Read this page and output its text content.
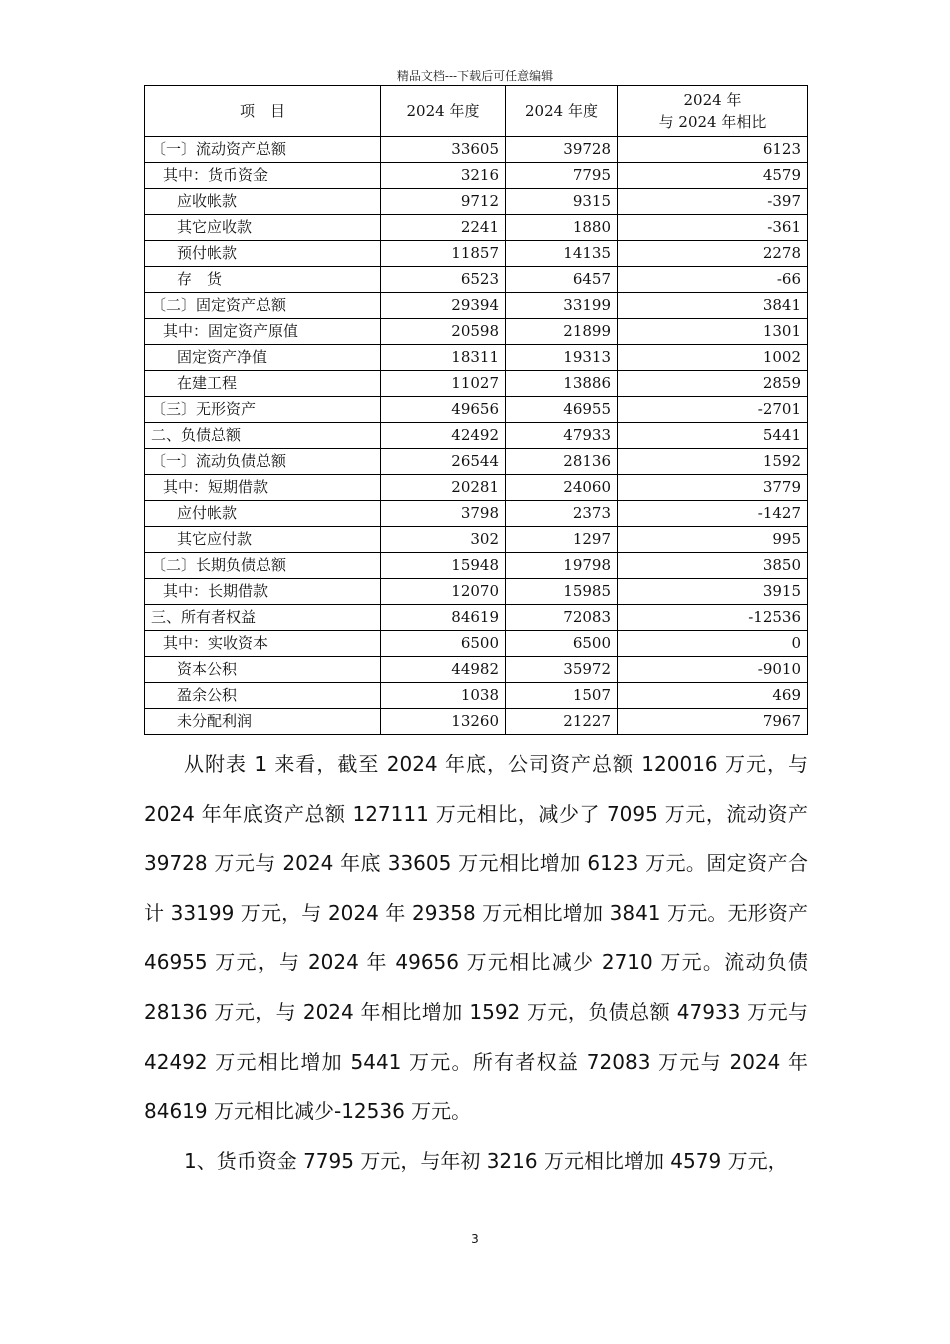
精品文档---下载后可任意编辑
项　目	2024 年度	2024 年度	2024 年
与 2024 年相比

〔一〕流动资产总额	33605	39728	6123
其中：货币资金	3216	7795	4579
应收帐款	9712	9315	-397
其它应收款	2241	1880	-361
预付帐款	11857	14135	2278
存　货	6523	6457	-66
〔二〕固定资产总额	29394	33199	3841
其中：固定资产原值	20598	21899	1301
固定资产净值	18311	19313	1002
在建工程	11027	13886	2859
〔三〕无形资产	49656	46955	-2701
二、负债总额	42492	47933	5441
〔一〕流动负债总额	26544	28136	1592
其中：短期借款	20281	24060	3779
应付帐款	3798	2373	-1427
其它应付款	302	1297	995
〔二〕长期负债总额	15948	19798	3850
其中：长期借款	12070	15985	3915
三、所有者权益	84619	72083	-12536
其中：实收资本	6500	6500	0
资本公积	44982	35972	-9010
盈余公积	1038	1507	469
未分配利润	13260	21227	7967

从附表 1 来看，截至 2024 年底，公司资产总额 120016 万元，与 2024 年年底资产总额 127111 万元相比，减少了 7095 万元，流动资产 39728 万元与 2024 年底 33605 万元相比增加 6123 万元。固定资产合计 33199 万元，与 2024 年 29358 万元相比增加 3841 万元。无形资产 46955 万元，与 2024 年 49656 万元相比减少 2710 万元。流动负债 28136 万元，与 2024 年相比增加 1592 万元，负债总额 47933 万元与 42492 万元相比增加 5441 万元。所有者权益 72083 万元与 2024 年 84619 万元相比减少-12536 万元。

1、货币资金 7795 万元，与年初 3216 万元相比增加 4579 万元，

3
